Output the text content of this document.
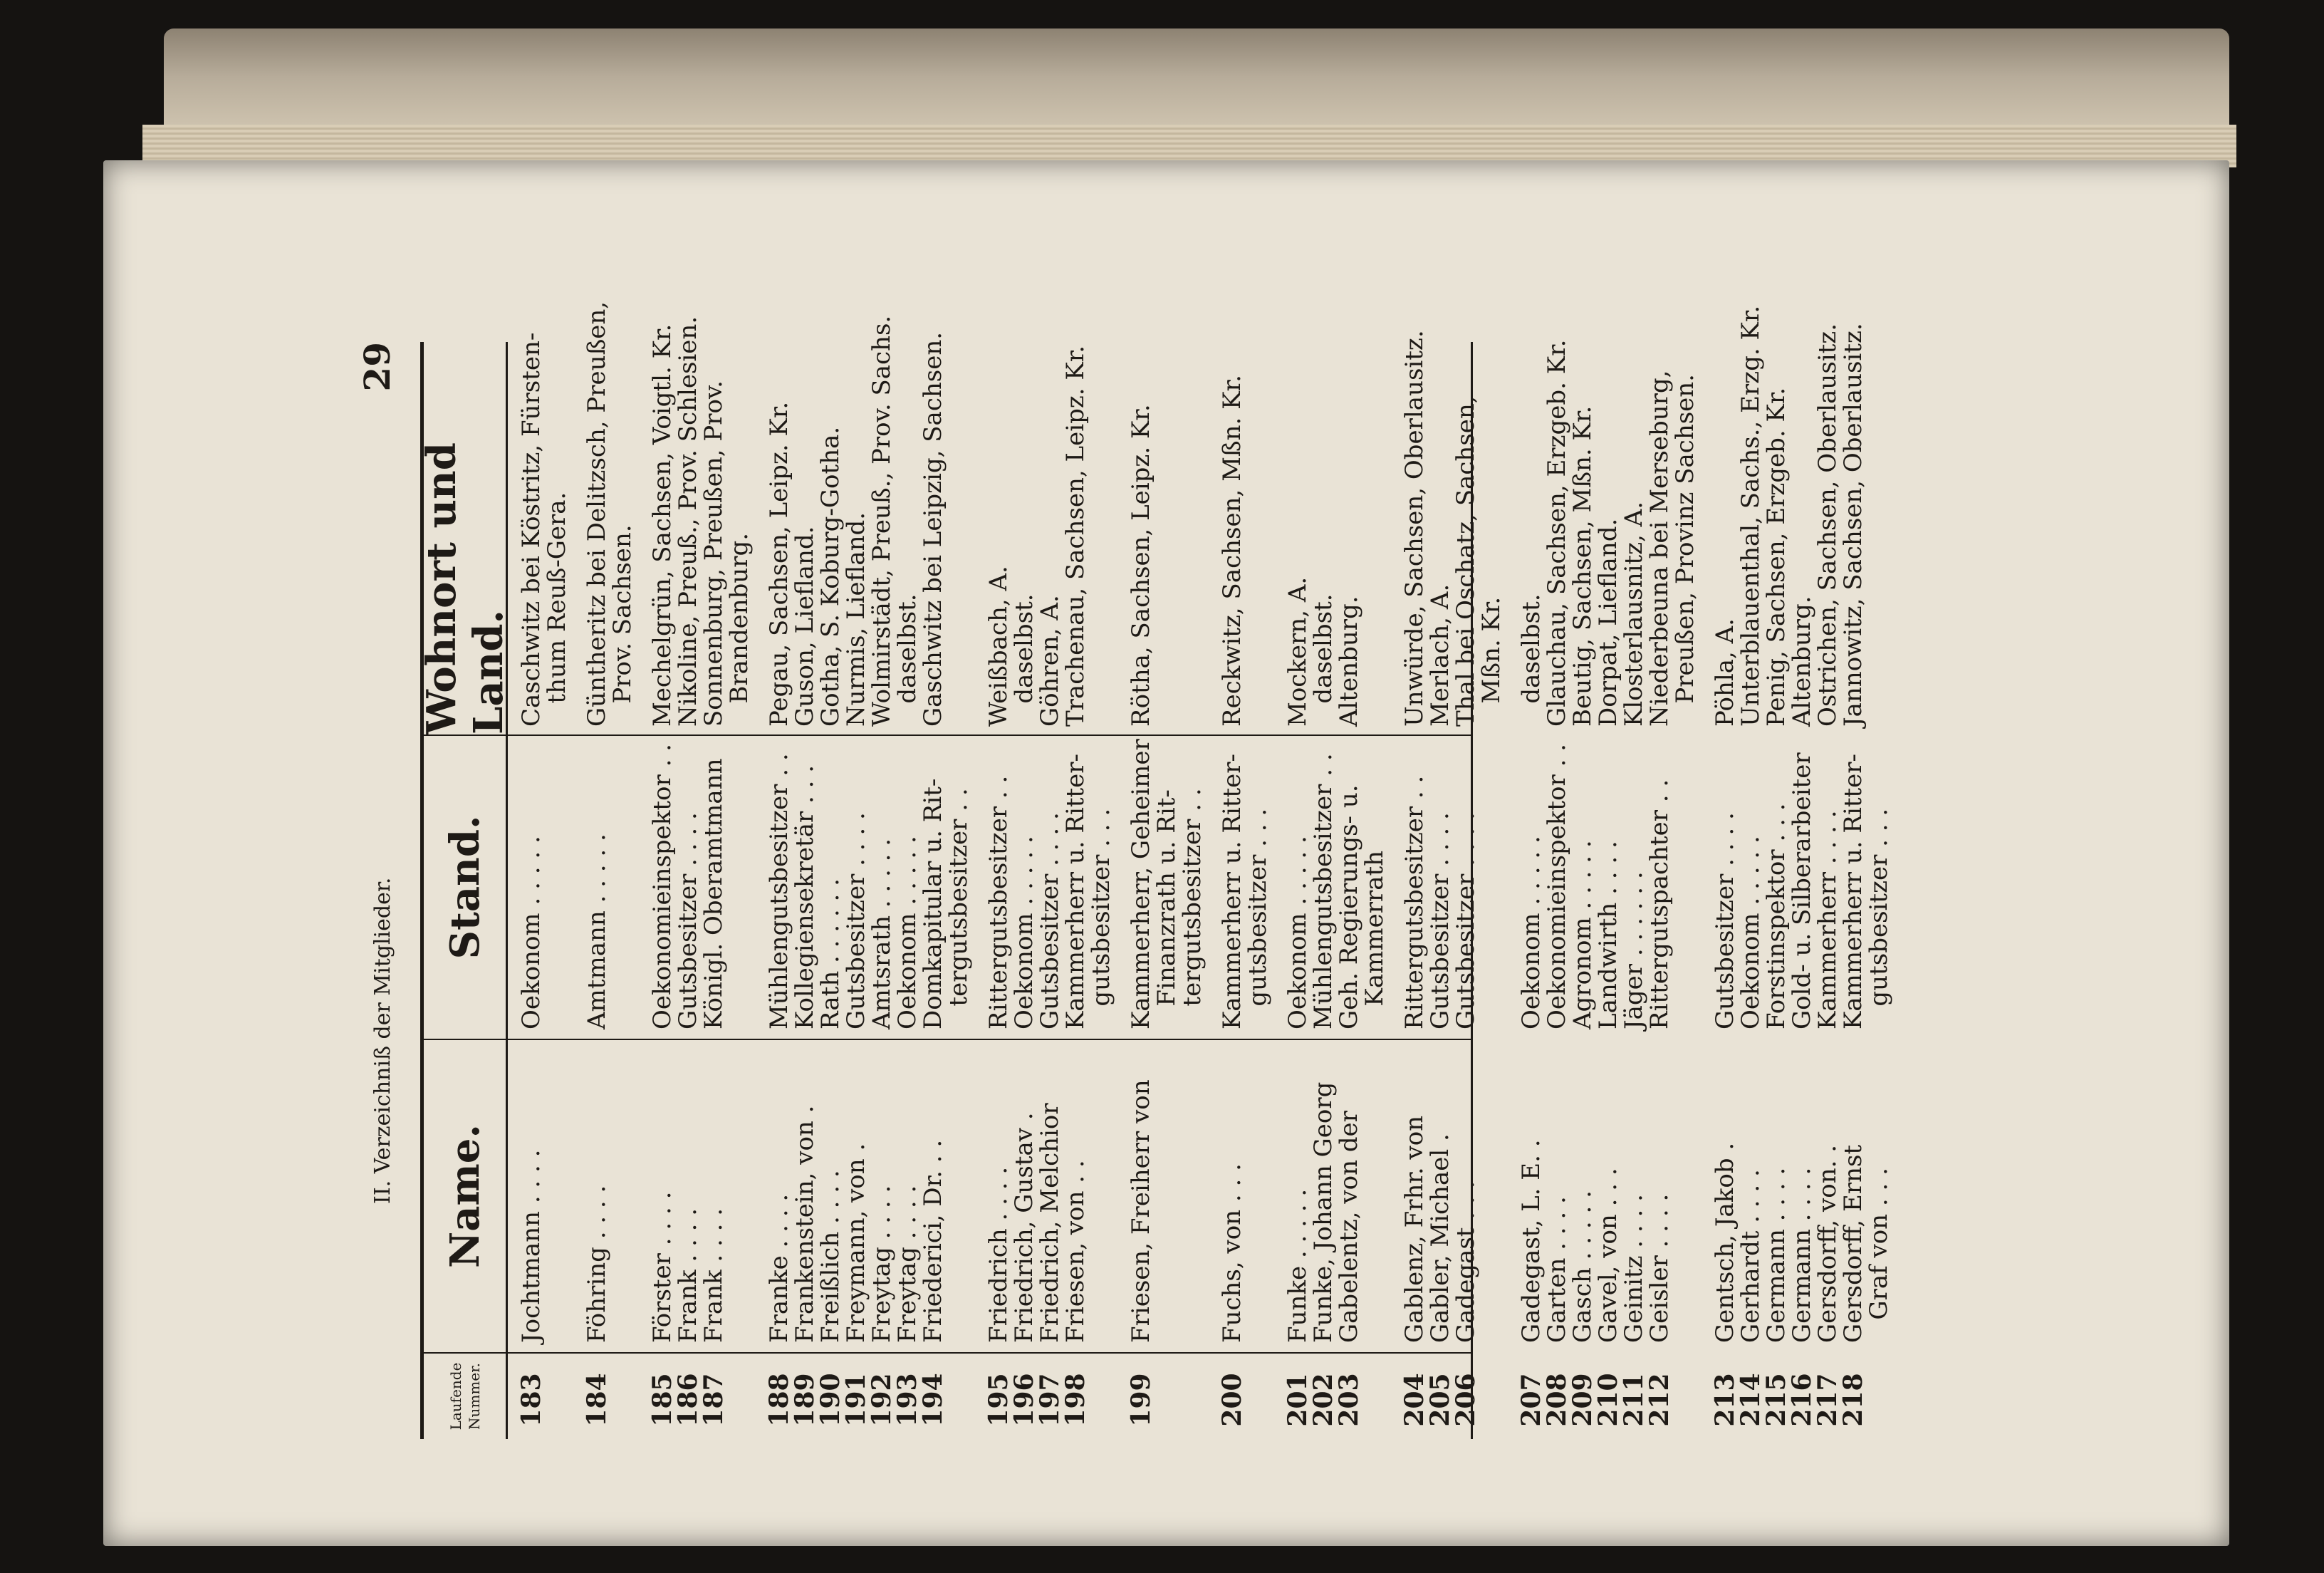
II. Verzeichniß der Mitglieder.
29
Laufende Nummer.
Name.
Stand.
Wohnort und Land.
183
Jochtmann . . . .
Oekonom . . . . .
Caschwitz bei Köstritz, Fürsten-
thum Reuß-Gera.
184
Föhring . . . .
Amtmann . . . . .
Güntheritz bei Delitzsch, Preußen,
Prov. Sachsen.
185
Förster . . . .
Oekonomieinspektor . .
Mechelgrün, Sachsen, Voigtl. Kr.
186
Frank . . . .
Gutsbesitzer . . . .
Nikoline, Preuß., Prov. Schlesien.
187
Frank . . . .
Königl. Oberamtmann
Sonnenburg, Preußen, Prov.
Brandenburg.
188
Franke . . . .
Mühlengutsbesitzer . .
Pegau, Sachsen, Leipz. Kr.
189
Frankenstein, von .
Kollegiensekretär . . .
Guson, Liefland.
190
Freißlich . . . .
Rath . . . . . .
Gotha, S. Koburg-Gotha.
191
Freymann, von .
Gutsbesitzer . . . .
Nurmis, Liefland.
192
Freytag . . . .
Amtsrath . . . . .
Wolmirstädt, Preuß., Prov. Sachs.
193
Freytag . . . .
Oekonom . . . . .
daselbst.
194
Friederici, Dr. . .
Domkapitular u. Rit-
tergutsbesitzer . .
Gaschwitz bei Leipzig, Sachsen.
195
Friedrich . . . .
Rittergutsbesitzer . .
Weißbach, A.
196
Friedrich, Gustav .
Oekonom . . . . .
daselbst.
197
Friedrich, Melchior
Gutsbesitzer . . . .
Göhren, A.
198
Friesen, von . .
Kammerherr u. Ritter-
gutsbesitzer . . .
Trachenau, Sachsen, Leipz. Kr.
199
Friesen, Freiherr von
Kammerherr, Geheimer
Finanzrath u. Rit-
tergutsbesitzer . .
Rötha, Sachsen, Leipz. Kr.
200
Fuchs, von . . .
Kammerherr u. Ritter-
gutsbesitzer . . .
Reckwitz, Sachsen, Mßn. Kr.
201
Funke . . . . .
Oekonom . . . . .
Mockern, A.
202
Funke, Johann Georg
Mühlengutsbesitzer . .
daselbst.
203
Gabelentz, von der
Geh. Regierungs- u.
Kammerrath
Altenburg.
204
Gablenz, Frhr. von
Rittergutsbesitzer . .
Unwürde, Sachsen, Oberlausitz.
205
Gabler, Michael .
Gutsbesitzer . . . .
Merlach, A.
206
Gadegast . . .
Gutsbesitzer . . . .
Thal bei Oschatz, Sachsen,
Mßn. Kr.
207
Gadegast, L. E. .
Oekonom . . . . .
daselbst.
208
Garten . . . .
Oekonomieinspektor . .
Glauchau, Sachsen, Erzgeb. Kr.
209
Gasch . . . . .
Agronom . . . . .
Beutig, Sachsen, Mßn. Kr.
210
Gavel, von . . .
Landwirth . . . .
Dorpat, Liefland.
211
Geinitz . . . .
Jäger . . . . . .
Klosterlausnitz, A.
212
Geisler . . . .
Rittergutspachter . .
Niederbeuna bei Merseburg,
Preußen, Provinz Sachsen.
213
Gentsch, Jakob .
Gutsbesitzer . . . .
Pöhla, A.
214
Gerhardt . . . .
Oekonom . . . . .
Unterblauenthal, Sachs., Erzg. Kr.
215
Germann . . . .
Forstinspektor . . .
Penig, Sachsen, Erzgeb. Kr.
216
Germann . . . .
Gold- u. Silberarbeiter
Altenburg.
217
Gersdorff, von. .
Kammerherr . . . .
Ostrichen, Sachsen, Oberlausitz.
218
Gersdorff, Ernst
Graf von . . .
Kammerherr u. Ritter-
gutsbesitzer . . .
Jannowitz, Sachsen, Oberlausitz.
